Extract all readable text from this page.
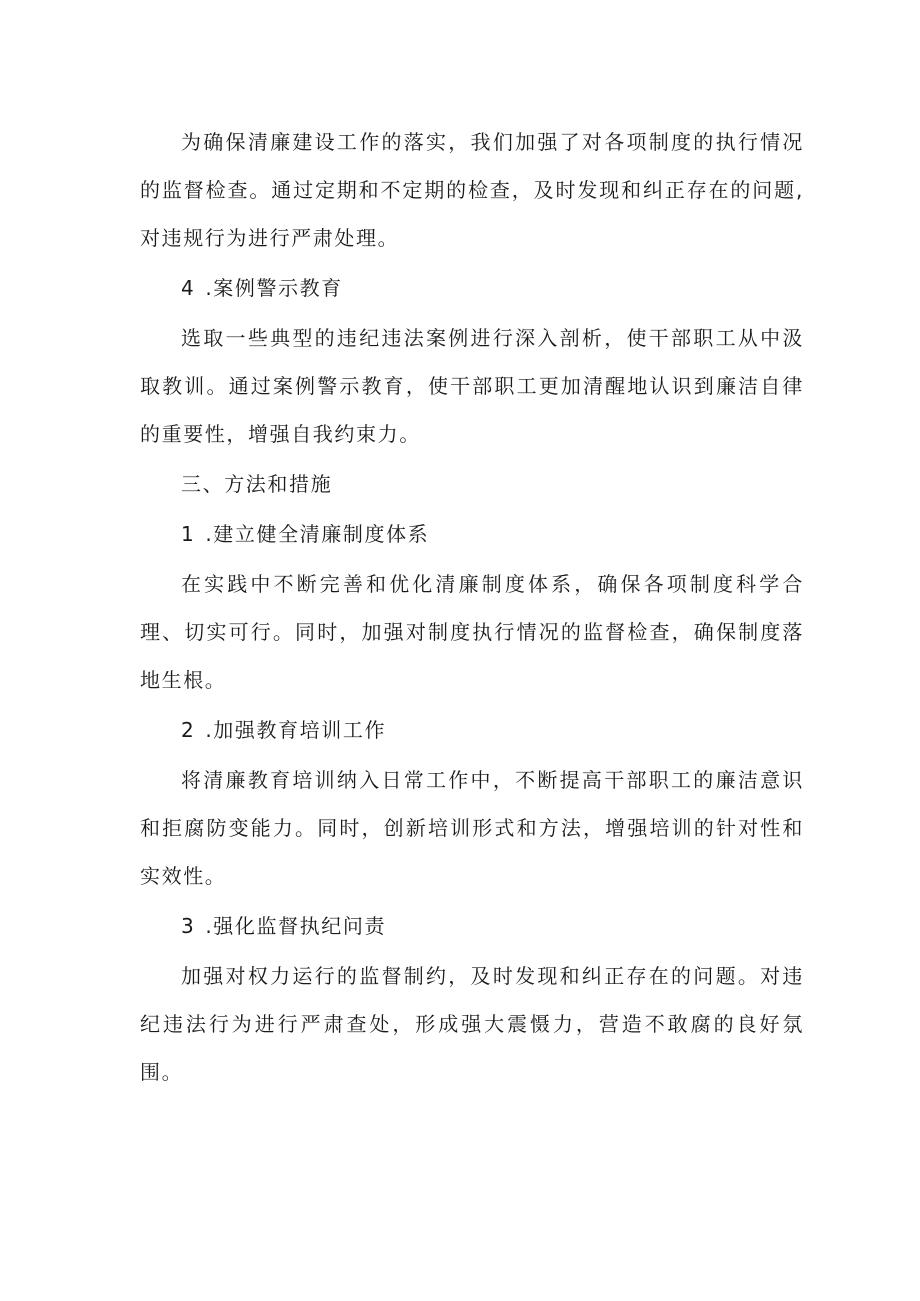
为确保清廉建设工作的落实，我们加强了对各项制度的执行情况的监督检查。通过定期和不定期的检查，及时发现和纠正存在的问题,对违规行为进行严肃处理。

4 .案例警示教育

选取一些典型的违纪违法案例进行深入剖析，使干部职工从中汲取教训。通过案例警示教育，使干部职工更加清醒地认识到廉洁自律的重要性，增强自我约束力。

三、方法和措施
1 .建立健全清廉制度体系

在实践中不断完善和优化清廉制度体系，确保各项制度科学合理、切实可行。同时，加强对制度执行情况的监督检查，确保制度落地生根。

2 .加强教育培训工作

将清廉教育培训纳入日常工作中，不断提高干部职工的廉洁意识和拒腐防变能力。同时，创新培训形式和方法，增强培训的针对性和实效性。

3 .强化监督执纪问责

加强对权力运行的监督制约，及时发现和纠正存在的问题。对违纪违法行为进行严肃查处，形成强大震慑力，营造不敢腐的良好氛围。
